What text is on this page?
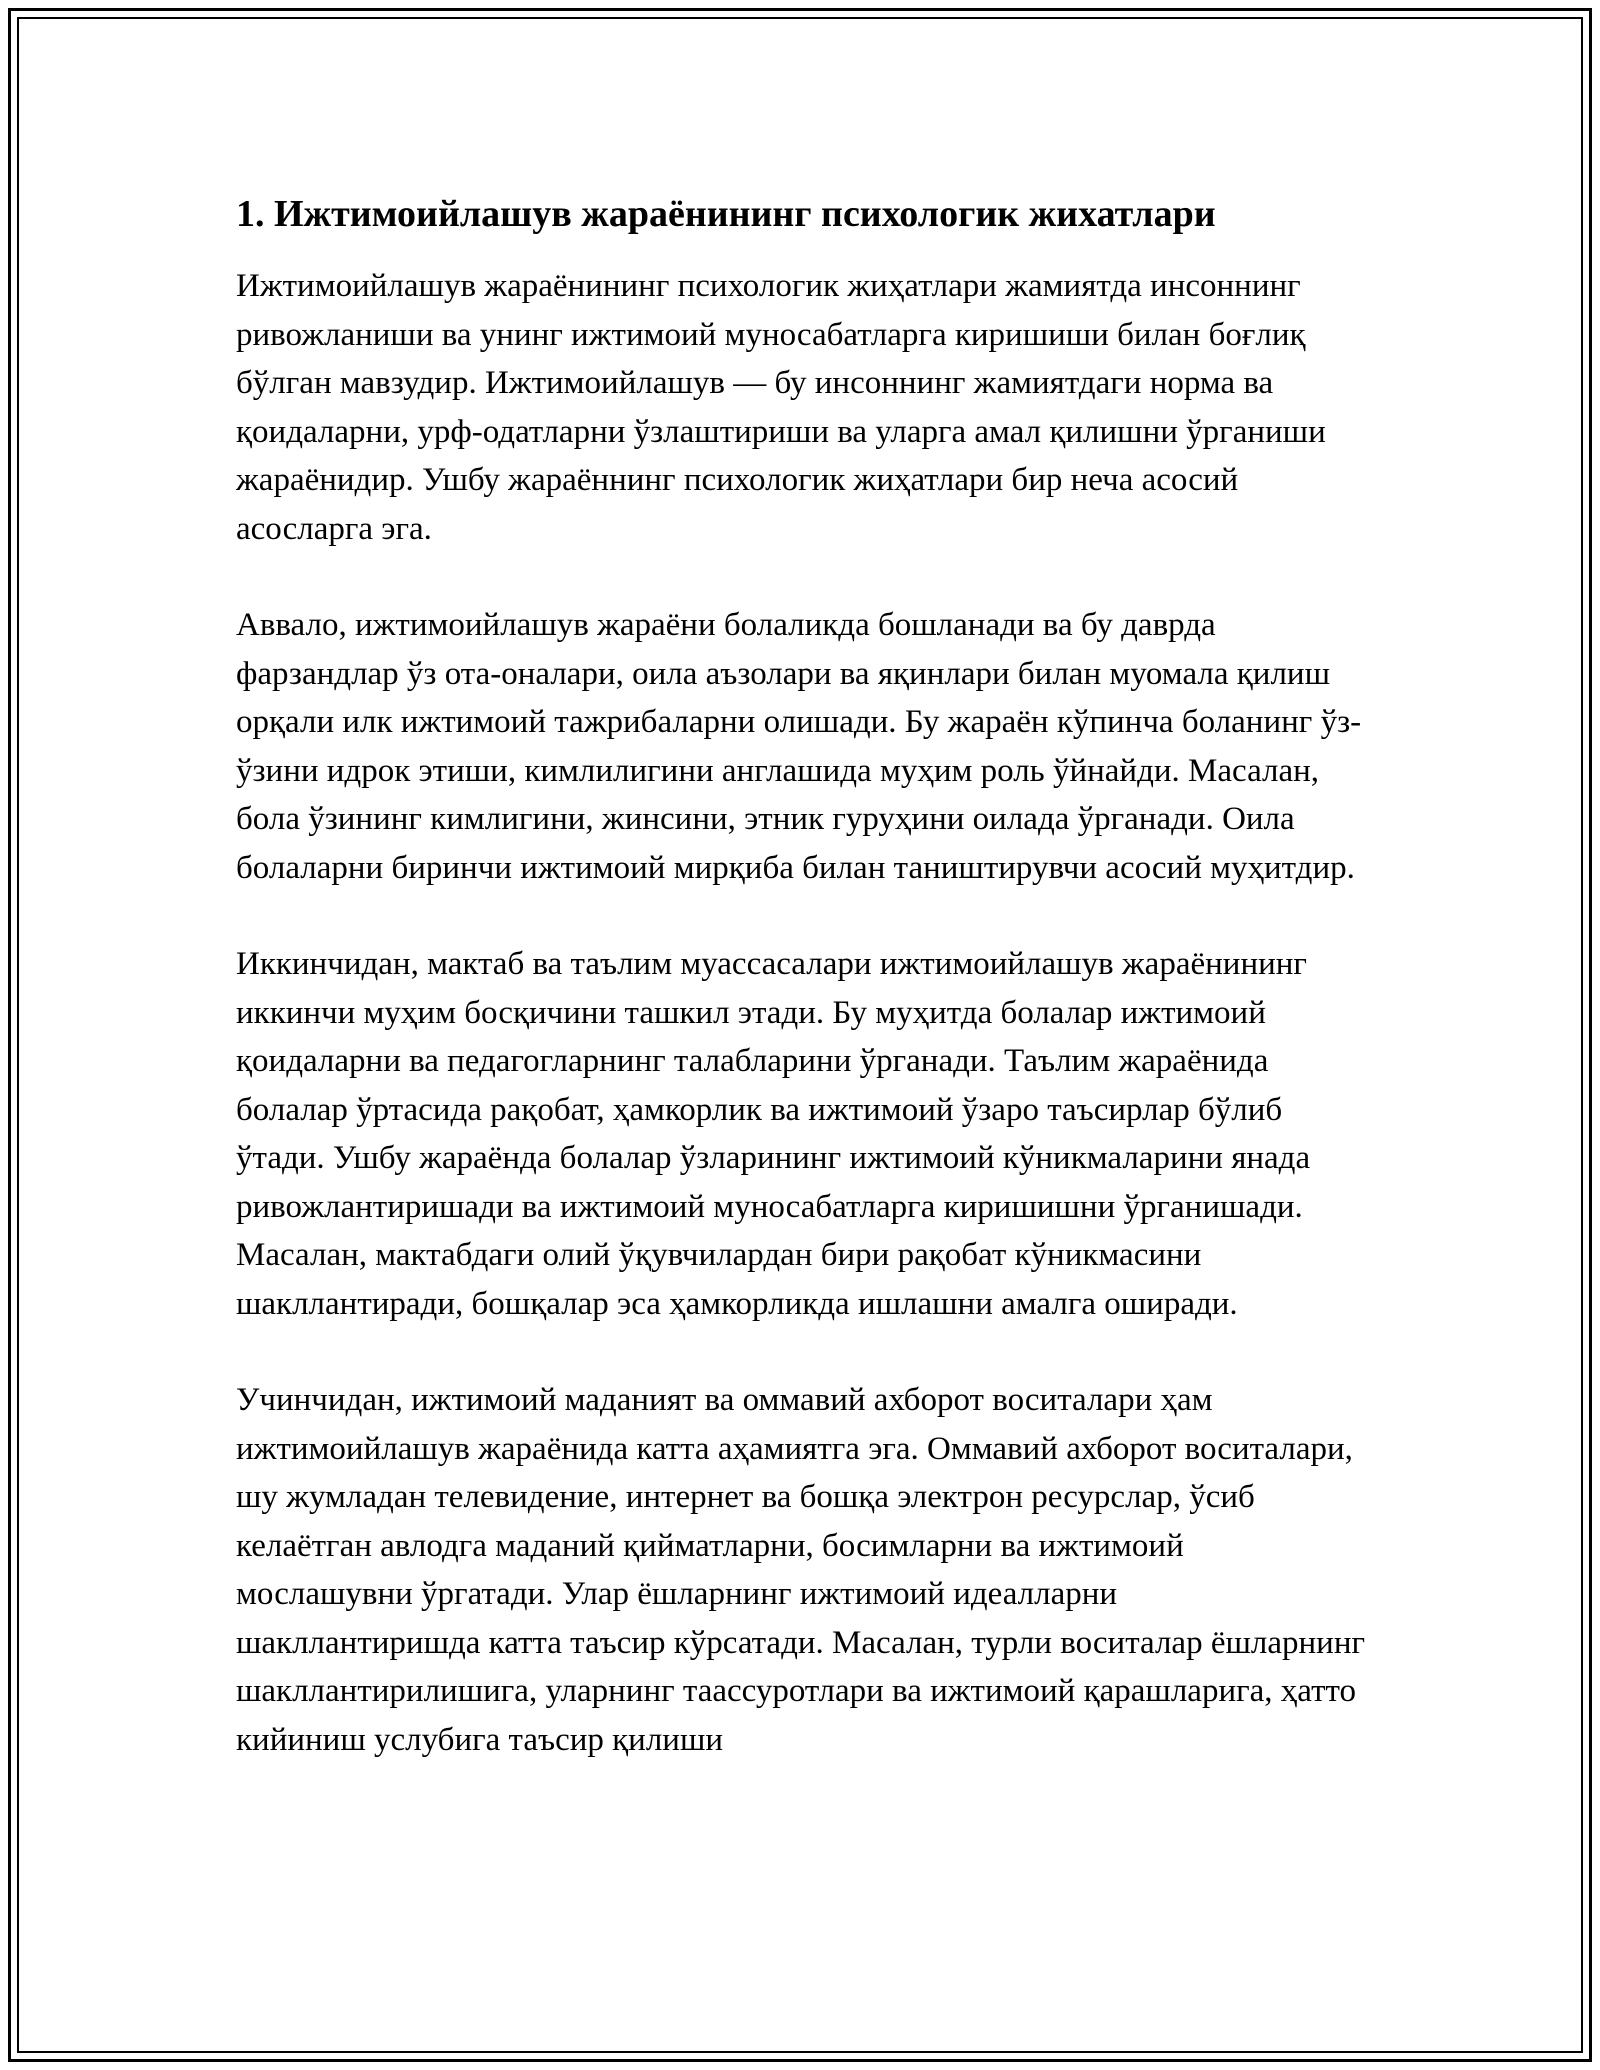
1. Ижтимоийлашув жараёнининг психологик жихатлари

Ижтимоийлашув жараёнининг психологик жиҳатлари жамиятда инсоннинг ривожланиши ва унинг ижтимоий муносабатларга киришиши билан боғлиқ бўлган мавзудир. Ижтимоийлашув — бу инсоннинг жамиятдаги норма ва қоидаларни, урф-одатларни ўзлаштириши ва уларга амал қилишни ўрганиши жараёнидир. Ушбу жараённинг психологик жиҳатлари бир неча асосий асосларга эга.

Аввало, ижтимоийлашув жараёни болаликда бошланади ва бу даврда фарзандлар ўз ота-оналари, оила аъзолари ва яқинлари билан муомала қилиш орқали илк ижтимоий тажрибаларни олишади. Бу жараён кўпинча боланинг ўз-ўзини идрок этиши, кимлилигини англашида муҳим роль ўйнайди. Масалан, бола ўзининг кимлигини, жинсини, этник гуруҳини оилада ўрганади. Оила болаларни биринчи ижтимоий мирқиба билан таништирувчи асосий муҳитдир.

Иккинчидан, мактаб ва таълим муассасалари ижтимоийлашув жараёнининг иккинчи муҳим босқичини ташкил этади. Бу муҳитда болалар ижтимоий қоидаларни ва педагогларнинг талабларини ўрганади. Таълим жараёнида болалар ўртасида рақобат, ҳамкорлик ва ижтимоий ўзаро таъсирлар бўлиб ўтади. Ушбу жараёнда болалар ўзларининг ижтимоий кўникмаларини янада ривожлантиришади ва ижтимоий муносабатларга киришишни ўрганишади. Масалан, мактабдаги олий ўқувчилардан бири рақобат кўникмасини шакллантиради, бошқалар эса ҳамкорликда ишлашни амалга оширади.

Учинчидан, ижтимоий маданият ва оммавий ахборот воситалари ҳам ижтимоийлашув жараёнида катта аҳамиятга эга. Оммавий ахборот воситалари, шу жумладан телевидение, интернет ва бошқа электрон ресурслар, ўсиб келаётган авлодга маданий қийматларни, босимларни ва ижтимоий мослашувни ўргатади. Улар ёшларнинг ижтимоий идеалларни шакллантиришда катта таъсир кўрсатади. Масалан, турли воситалар ёшларнинг шакллантирилишига, уларнинг таассуротлари ва ижтимоий қарашларига, ҳатто кийиниш услубига таъсир қилиши
